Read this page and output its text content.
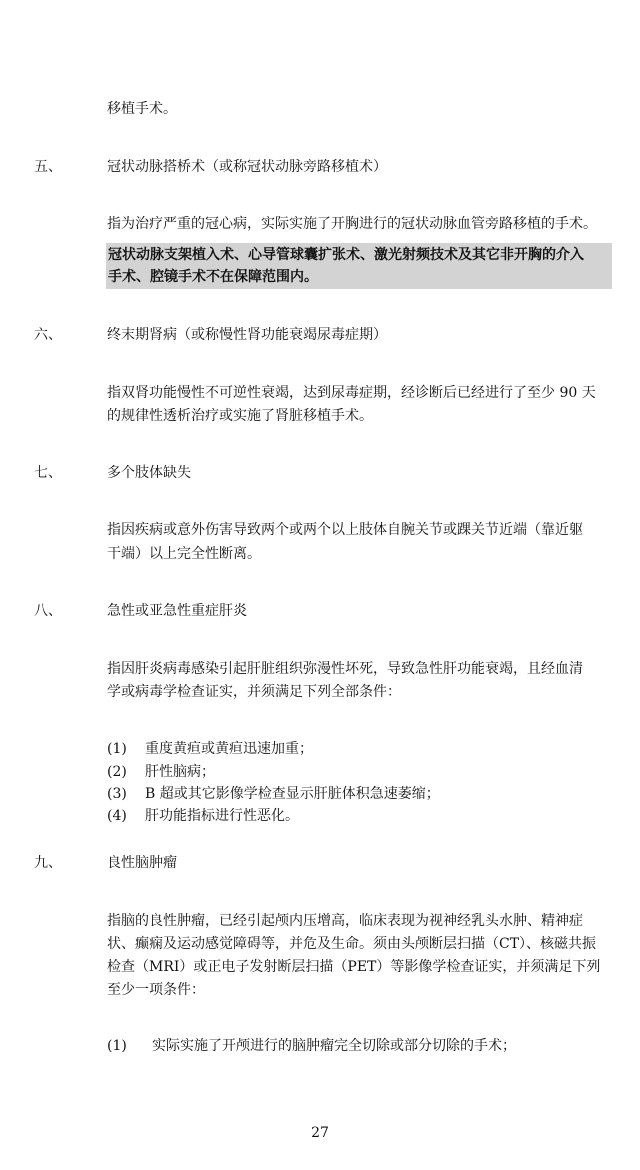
移植手术。
五、	冠状动脉搭桥术（或称冠状动脉旁路移植术）
指为治疗严重的冠心病，实际实施了开胸进行的冠状动脉血管旁路移植的手术。
冠状动脉支架植入术、心导管球囊扩张术、激光射频技术及其它非开胸的介入
手术、腔镜手术不在保障范围内。
六、	终末期肾病（或称慢性肾功能衰竭尿毒症期）
指双肾功能慢性不可逆性衰竭，达到尿毒症期，经诊断后已经进行了至少 90 天
的规律性透析治疗或实施了肾脏移植手术。
七、	多个肢体缺失
指因疾病或意外伤害导致两个或两个以上肢体自腕关节或踝关节近端（靠近躯
干端）以上完全性断离。
八、	急性或亚急性重症肝炎
指因肝炎病毒感染引起肝脏组织弥漫性坏死，导致急性肝功能衰竭，且经血清
学或病毒学检查证实，并须满足下列全部条件：
(1) 重度黄疸或黄疸迅速加重；
(2) 肝性脑病；
(3) B 超或其它影像学检查显示肝脏体积急速萎缩；
(4) 肝功能指标进行性恶化。
九、	良性脑肿瘤
指脑的良性肿瘤，已经引起颅内压增高，临床表现为视神经乳头水肿、精神症
状、癫痫及运动感觉障碍等，并危及生命。须由头颅断层扫描（CT）、核磁共振
检查（MRI）或正电子发射断层扫描（PET）等影像学检查证实，并须满足下列
至少一项条件：
(1) 实际实施了开颅进行的脑肿瘤完全切除或部分切除的手术；
27
